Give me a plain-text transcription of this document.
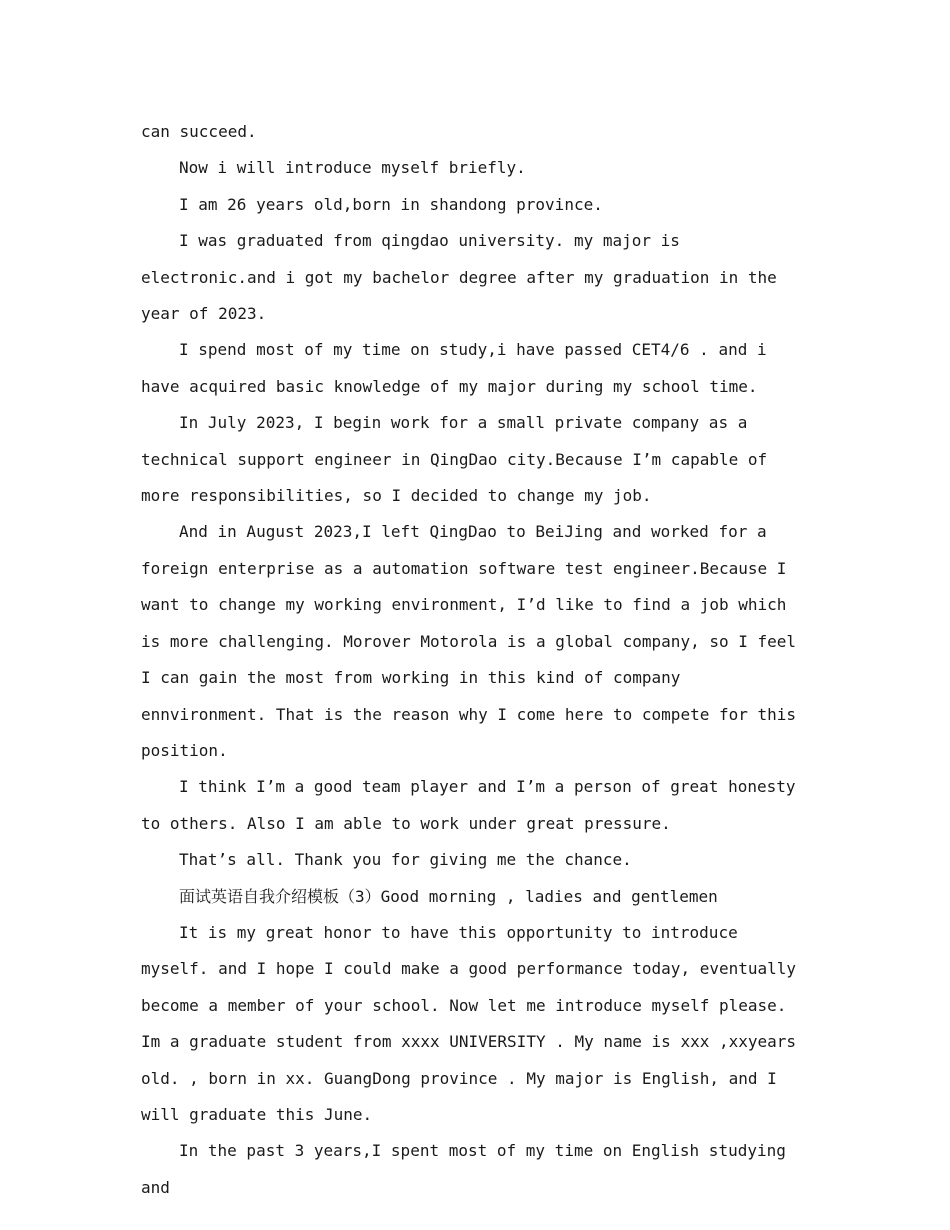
can succeed.

Now i will introduce myself briefly.

I am 26 years old,born in shandong province.

I was graduated from qingdao university. my major is electronic.and i got my bachelor degree after my graduation in the year of 2023.

I spend most of my time on study,i have passed CET4/6 . and i have acquired basic knowledge of my major during my school time.

In July 2023, I begin work for a small private company as a technical support engineer in QingDao city.Because I’m capable of more responsibilities, so I decided to change my job.

And in August 2023,I left QingDao to BeiJing and worked for a foreign enterprise as a automation software test engineer.Because I want to change my working environment, I’d like to find a job which is more challenging. Morover Motorola is a global company, so I feel I can gain the most from working in this kind of company ennvironment. That is the reason why I come here to compete for this position.

I think I’m a good team player and I’m a person of great honesty to others. Also I am able to work under great pressure.

That’s all. Thank you for giving me the chance.

面试英语自我介绍模板（3）Good morning , ladies and gentlemen

It is my great honor to have this opportunity to introduce myself. and I hope I could make a good performance today, eventually become a member of your school. Now let me introduce myself please. Im a graduate student from xxxx UNIVERSITY . My name is xxx ,xxyears old. , born in xx. GuangDong province . My major is English, and I will graduate this June.

In the past 3 years,I spent most of my time on English studying and
